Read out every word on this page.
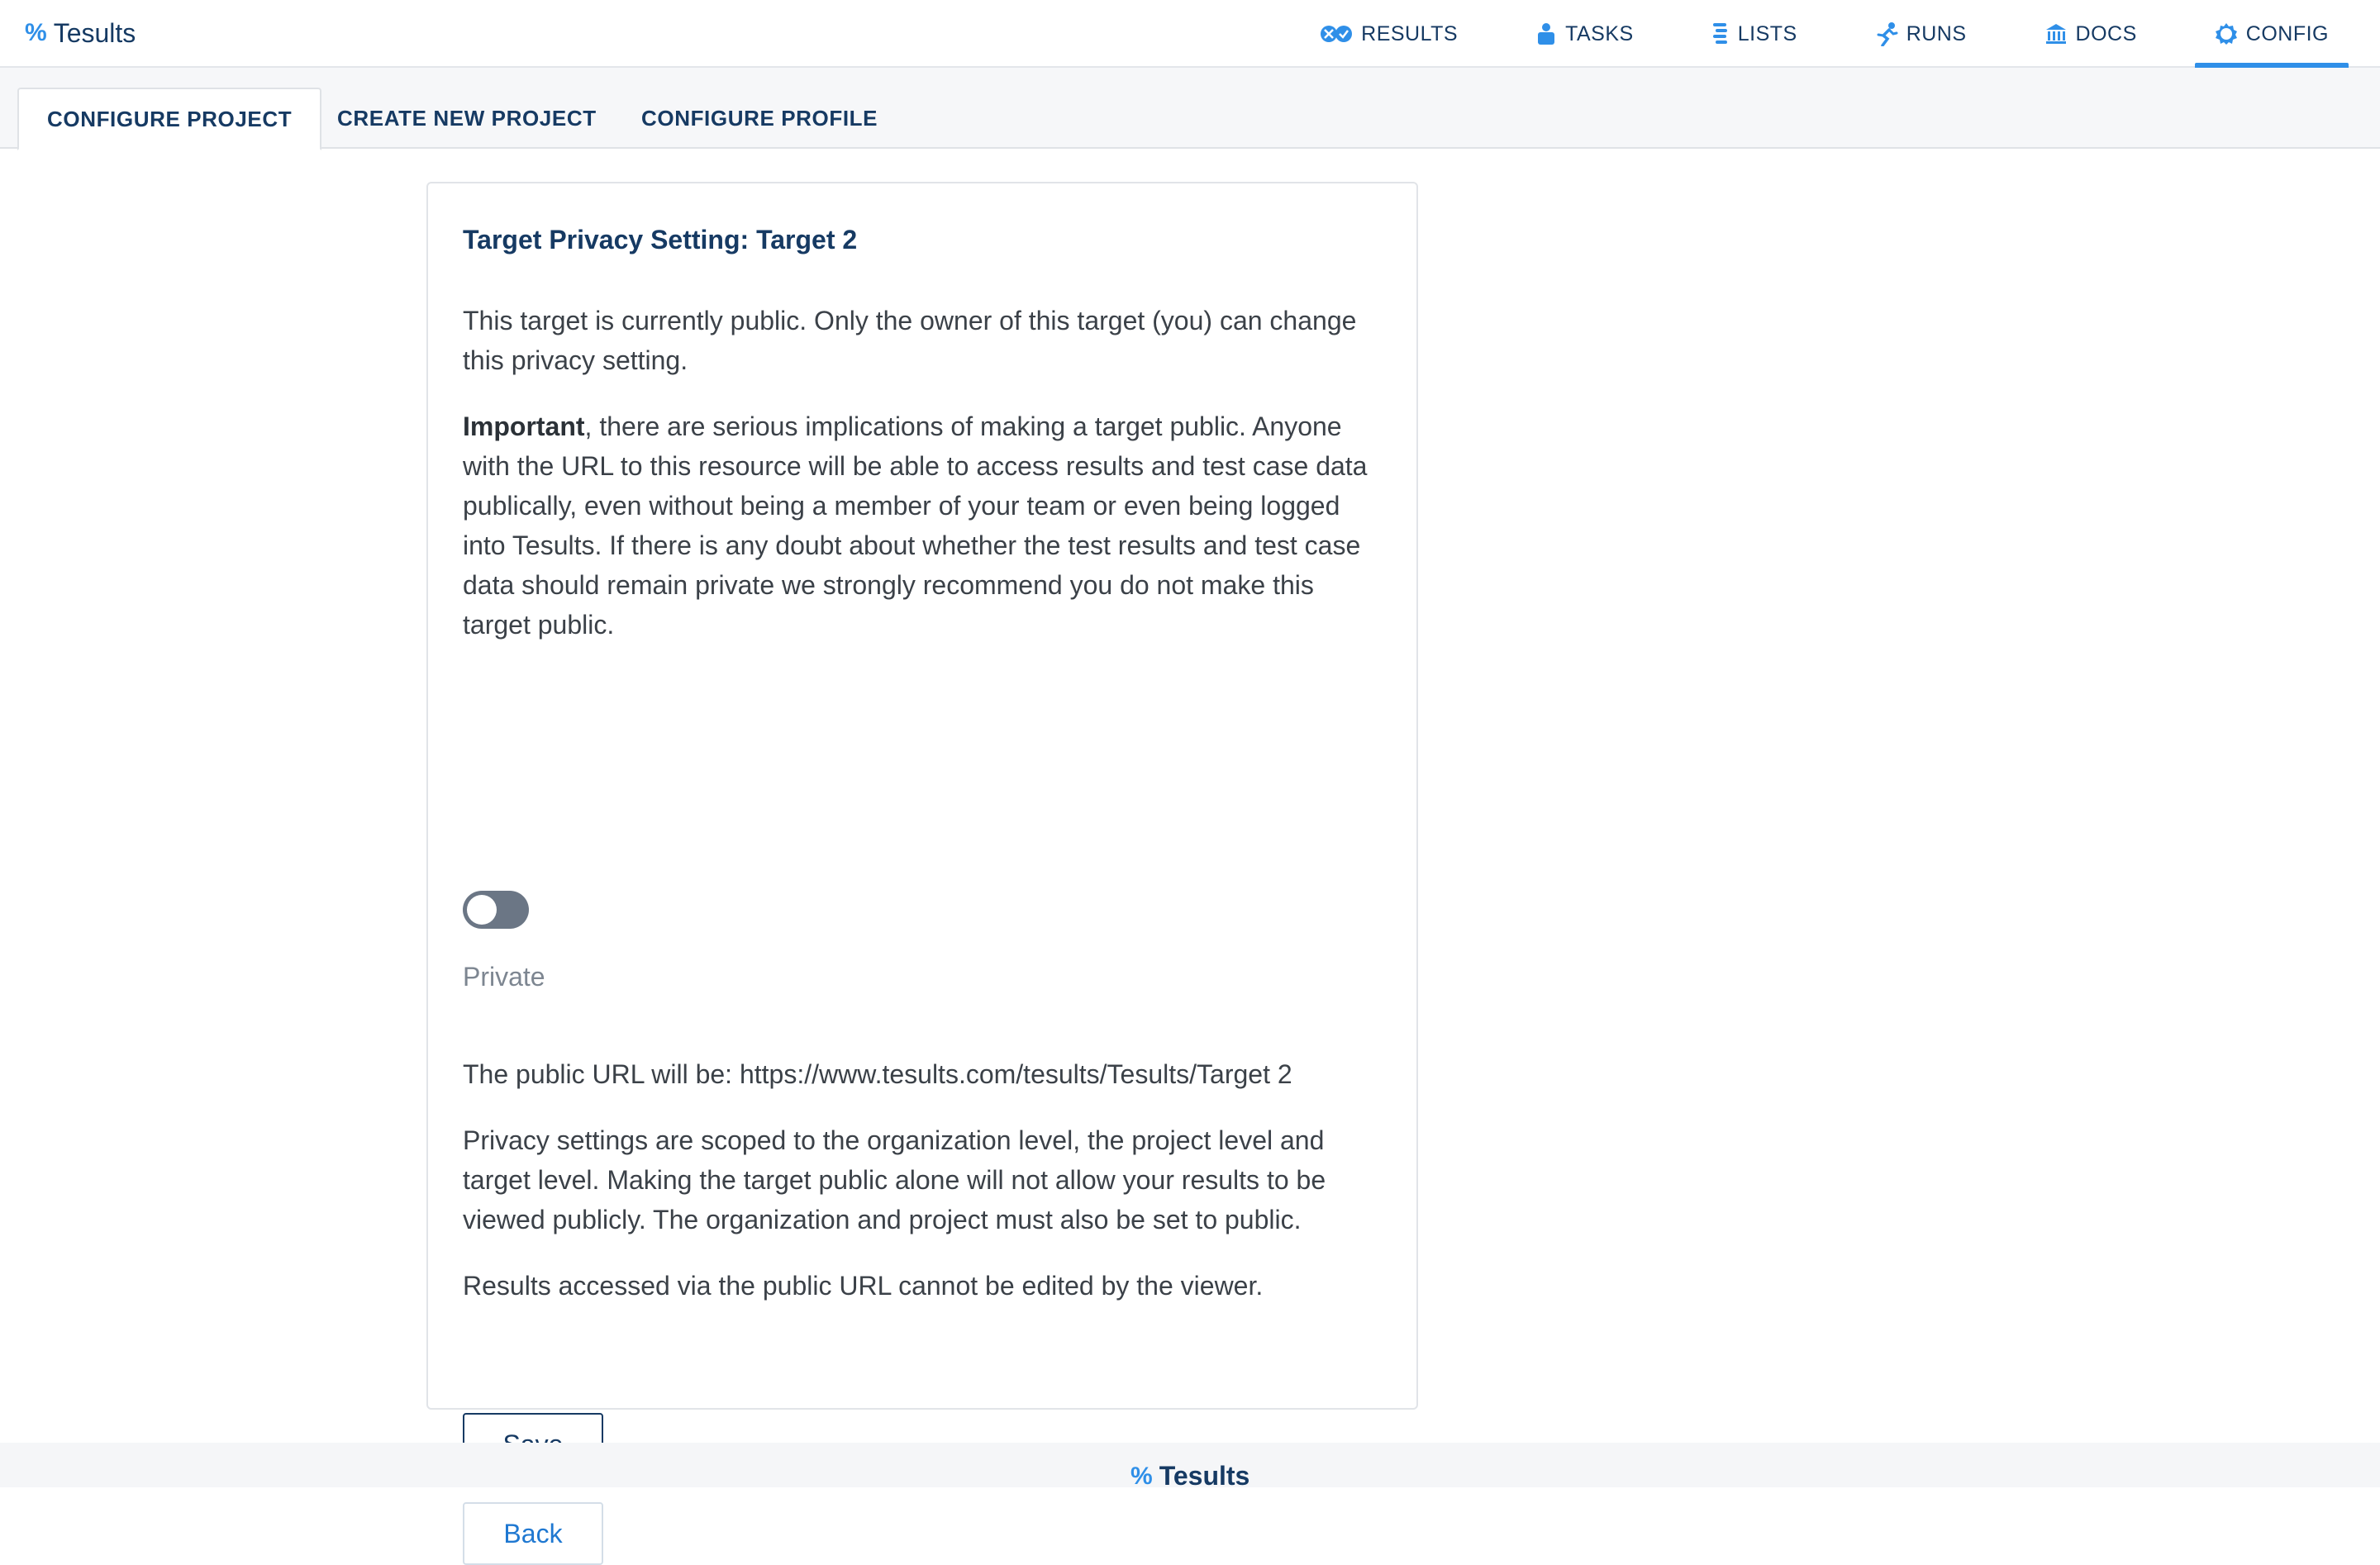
% Tesults	RESULTS	TASKS	LISTS	RUNS	DOCS	CONFIG
CONFIGURE PROJECT	CREATE NEW PROJECT	CONFIGURE PROFILE
Target Privacy Setting: Target 2

This target is currently public. Only the owner of this target (you) can change this privacy setting.

Important, there are serious implications of making a target public. Anyone with the URL to this resource will be able to access results and test case data publically, even without being a member of your team or even being logged into Tesults. If there is any doubt about whether the test results and test case data should remain private we strongly recommend you do not make this target public.

Private

The public URL will be: https://www.tesults.com/tesults/Tesults/Target 2

Privacy settings are scoped to the organization level, the project level and target level. Making the target public alone will not allow your results to be viewed publicly. The organization and project must also be set to public.

Results accessed via the public URL cannot be edited by the viewer.

Back
% Tesults
